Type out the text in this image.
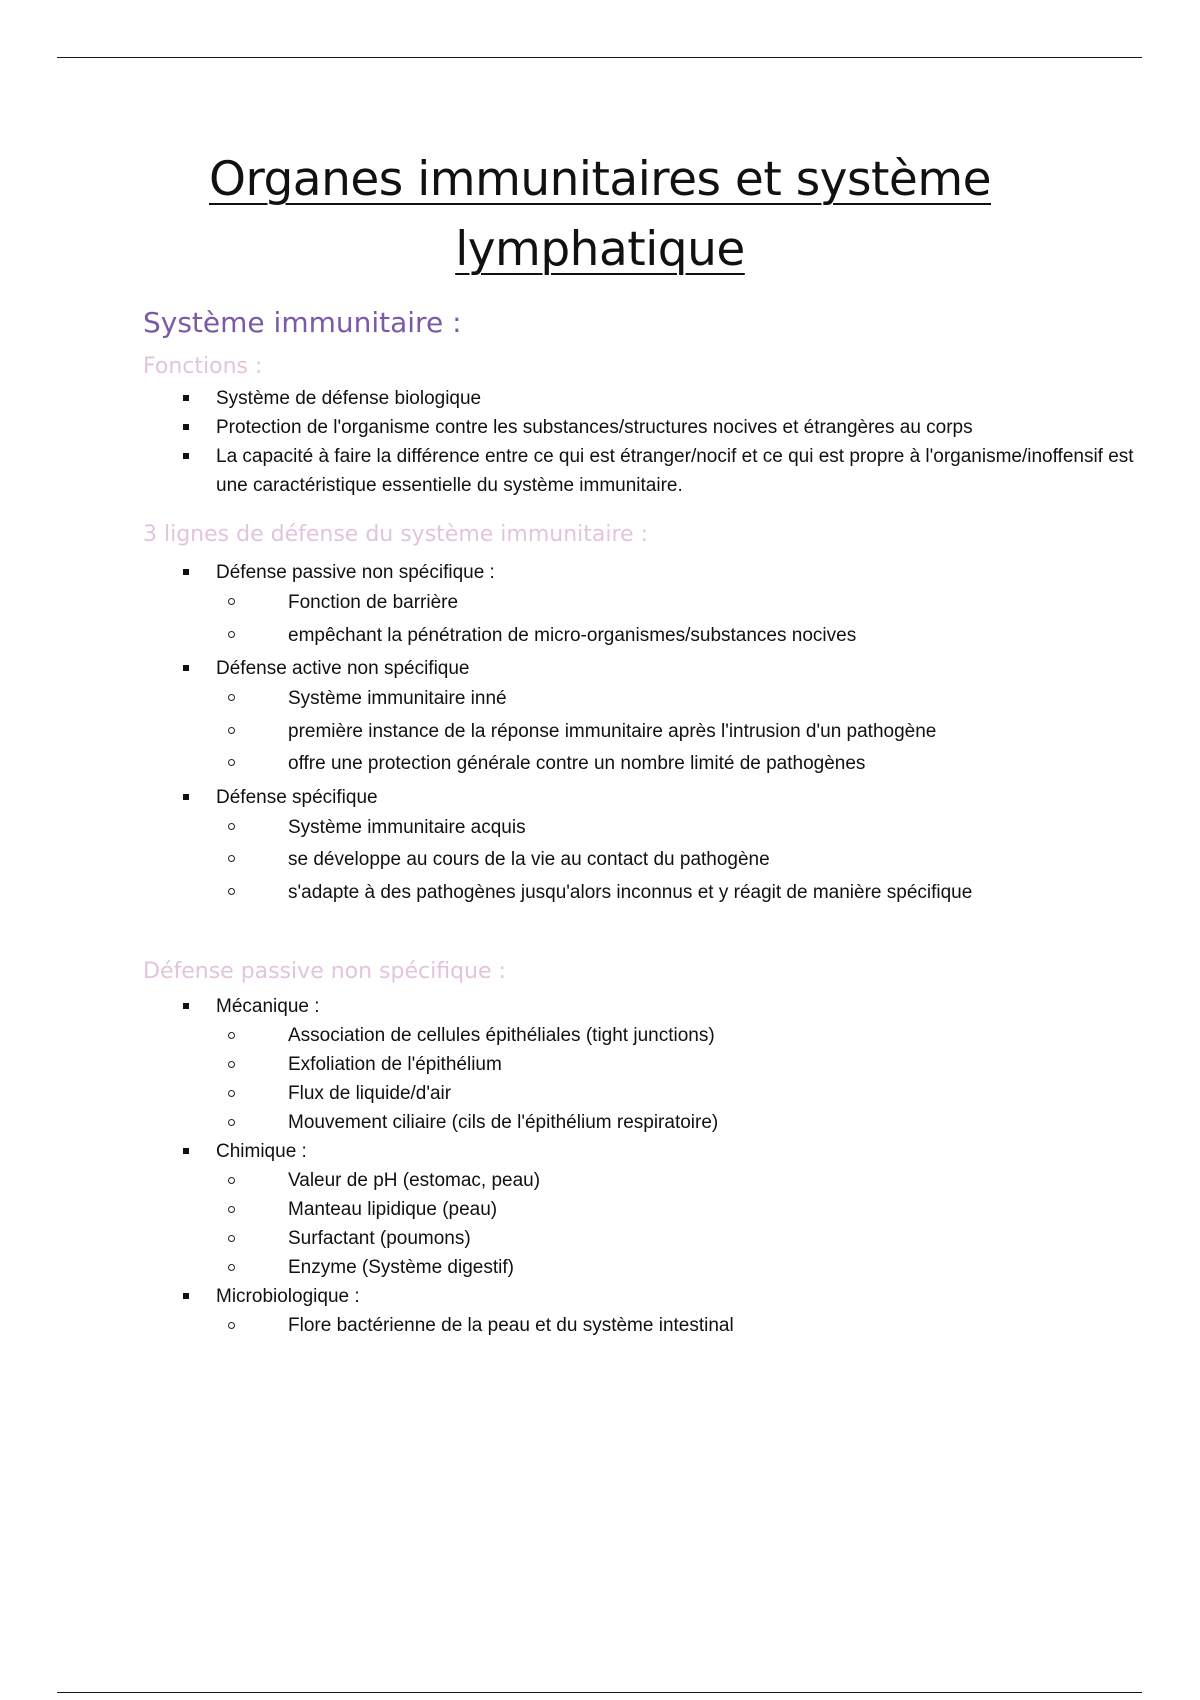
Organes immunitaires et système
lymphatique
Système immunitaire :
Fonctions :
Système de défense biologique
Protection de l'organisme contre les substances/structures nocives et étrangères au corps
La capacité à faire la différence entre ce qui est étranger/nocif et ce qui est propre à l'organisme/inoffensif est une caractéristique essentielle du système immunitaire.
3 lignes de défense du système immunitaire :
Défense passive non spécifique :
Fonction de barrière
empêchant la pénétration de micro-organismes/substances nocives
Défense active non spécifique
Système immunitaire inné
première instance de la réponse immunitaire après l'intrusion d'un pathogène
offre une protection générale contre un nombre limité de pathogènes
Défense spécifique
Système immunitaire acquis
se développe au cours de la vie au contact du pathogène
s'adapte à des pathogènes jusqu'alors inconnus et y réagit de manière spécifique
Défense passive non spécifique :
Mécanique :
Association de cellules épithéliales (tight junctions)
Exfoliation de l'épithélium
Flux de liquide/d'air
Mouvement ciliaire (cils de l'épithélium respiratoire)
Chimique :
Valeur de pH (estomac, peau)
Manteau lipidique (peau)
Surfactant (poumons)
Enzyme (Système digestif)
Microbiologique :
Flore bactérienne de la peau et du système intestinal
